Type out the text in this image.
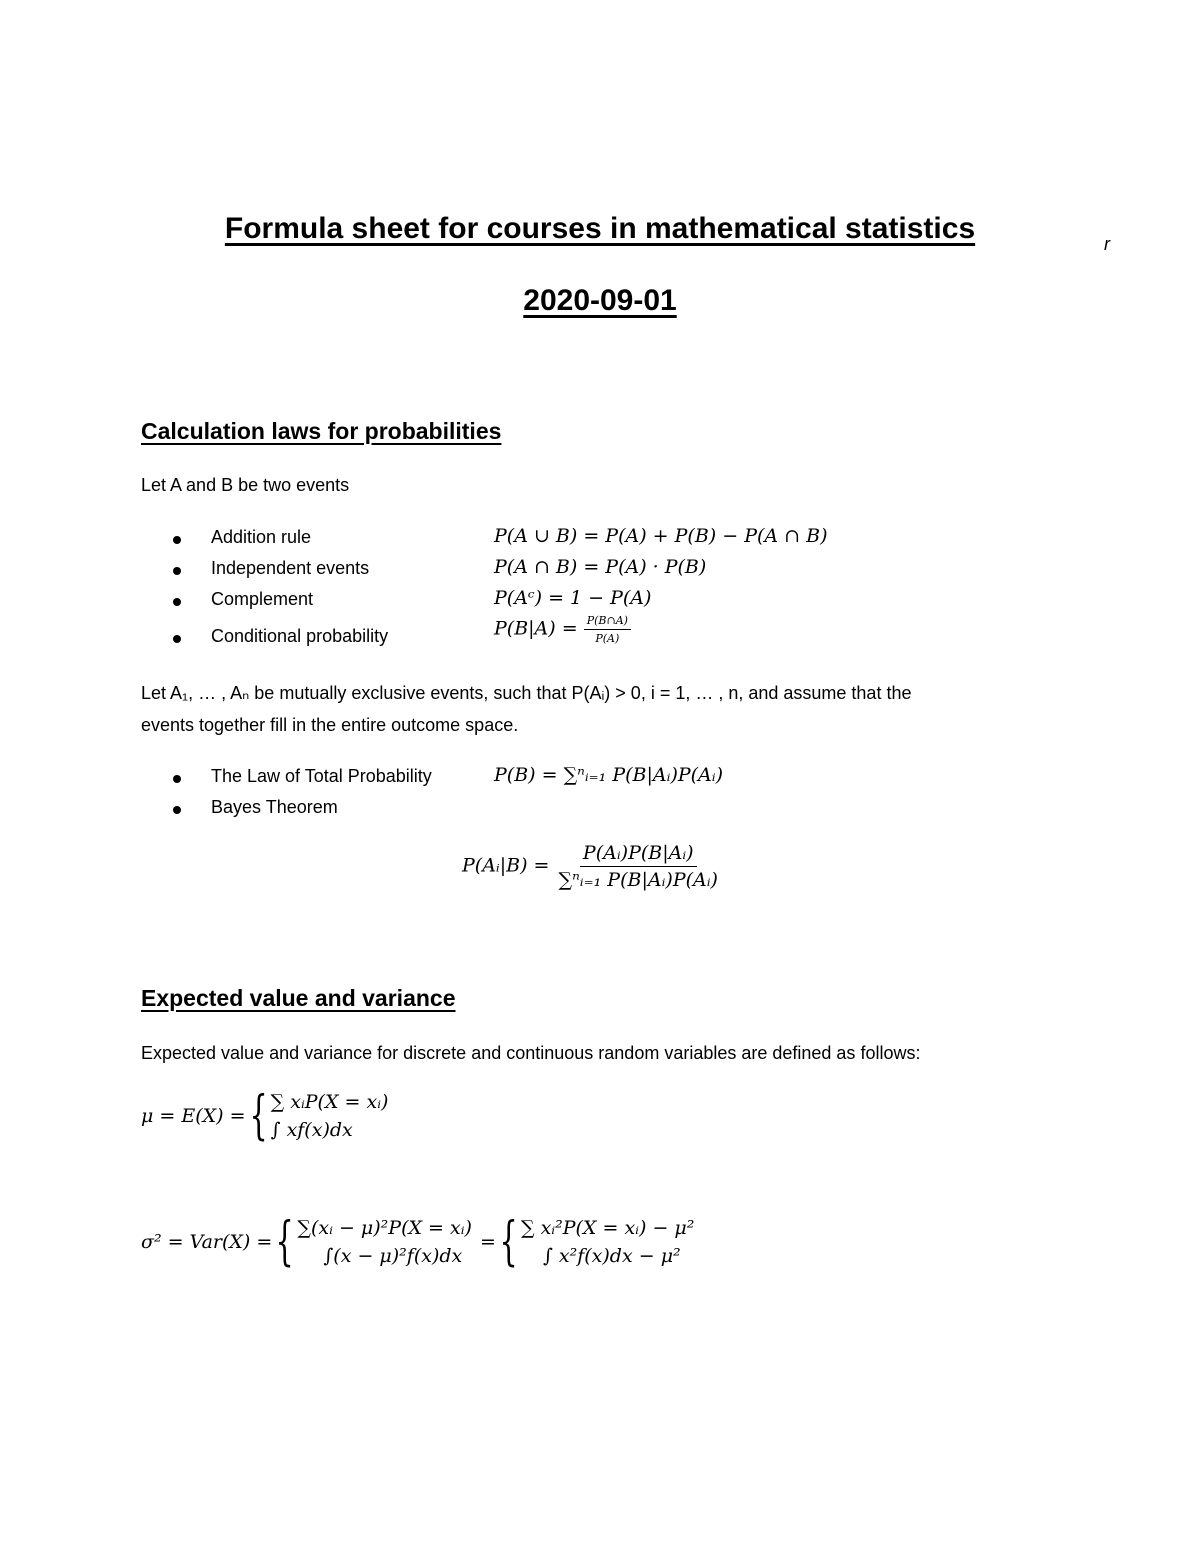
Formula sheet for courses in mathematical statistics
2020-09-01
r
Calculation laws for probabilities
Let A and B be two events
Addition rule	P(A ∪ B) = P(A) + P(B) − P(A ∩ B)
Independent events	P(A ∩ B) = P(A) · P(B)
Complement	P(Aᶜ) = 1 − P(A)
Conditional probability	$P(B|A) = \frac{P(B\cap A)}{P(A)}$
Let A₁, … , Aₙ be mutually exclusive events, such that P(Aᵢ) > 0, i = 1, … , n, and assume that the
events together fill in the entire outcome space.
The Law of Total Probability	P(B) = ∑ⁿᵢ₌₁ P(B|Aᵢ)P(Aᵢ)
Bayes Theorem
P(Aᵢ|B) = $\frac{\text{P(Aᵢ)P(B|Aᵢ)}}{\text{∑ⁿᵢ₌₁ P(B|Aᵢ)P(Aᵢ)}}$
Expected value and variance
Expected value and variance for discrete and continuous random variables are defined as follows:
μ = E(X) = { ∑ xᵢP(X = xᵢ)
∫ xf(x)dx
σ² = Var(X) = { ∑(xᵢ − μ)²P(X = xᵢ)
∫(x − μ)²f(x)dx
= { ∑ xᵢ²P(X = xᵢ) − μ²
∫ x²f(x)dx − μ²
